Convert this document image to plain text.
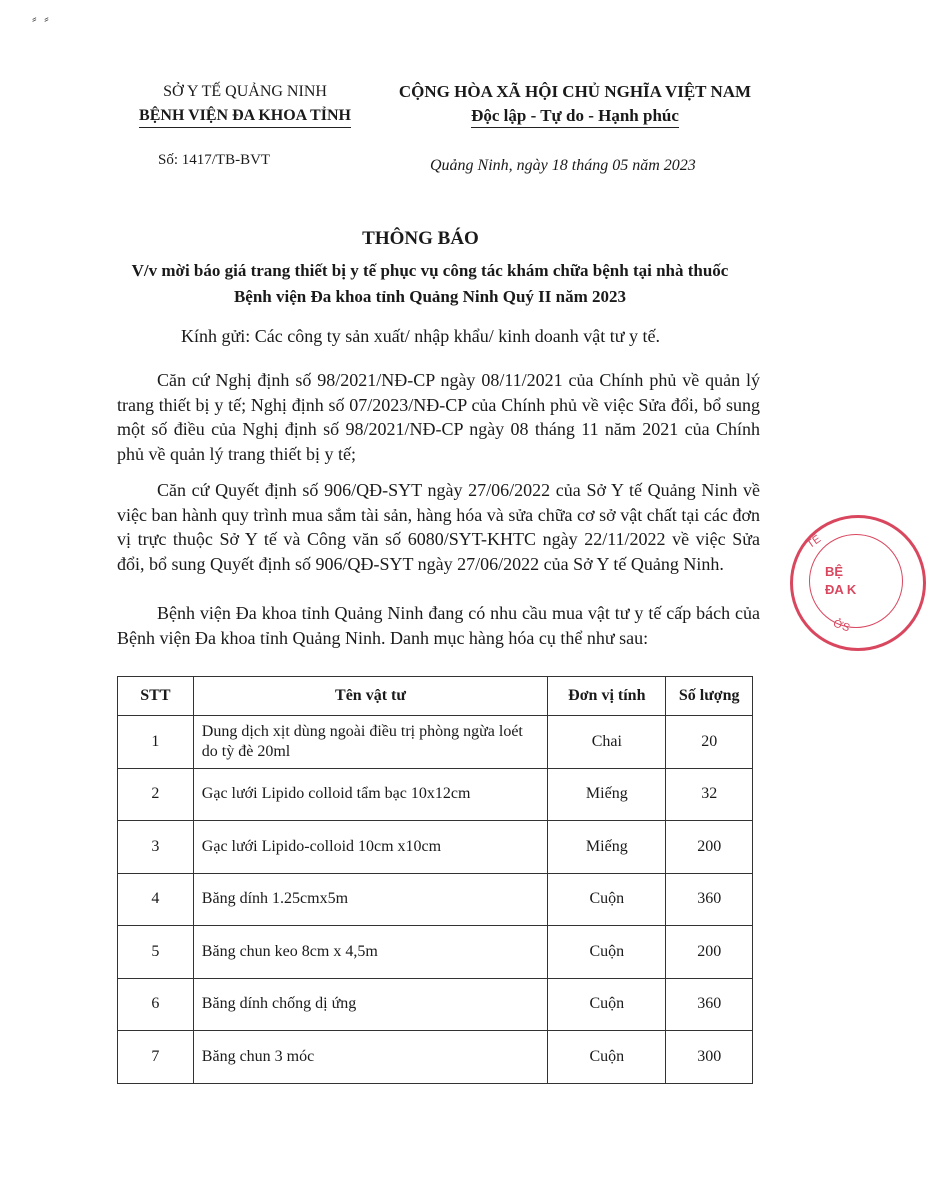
⸗ ⸗
SỞ Y TẾ QUẢNG NINH
BỆNH VIỆN ĐA KHOA TỈNH
CỘNG HÒA XÃ HỘI CHỦ NGHĨA VIỆT NAM
Độc lập - Tự do - Hạnh phúc
Số: 1417/TB-BVT	Quảng Ninh, ngày 18 tháng 05 năm 2023
THÔNG BÁO
V/v mời báo giá trang thiết bị y tế phục vụ công tác khám chữa bệnh tại nhà thuốc Bệnh viện Đa khoa tỉnh Quảng Ninh Quý II năm 2023
Kính gửi: Các công ty sản xuất/ nhập khẩu/ kinh doanh vật tư y tế.

Căn cứ Nghị định số 98/2021/NĐ-CP ngày 08/11/2021 của Chính phủ về quản lý trang thiết bị y tế; Nghị định số 07/2023/NĐ-CP của Chính phủ về việc Sửa đổi, bổ sung một số điều của Nghị định số 98/2021/NĐ-CP ngày 08 tháng 11 năm 2021 của Chính phủ về quản lý trang thiết bị y tế;

Căn cứ Quyết định số 906/QĐ-SYT ngày 27/06/2022 của Sở Y tế Quảng Ninh về việc ban hành quy trình mua sắm tài sản, hàng hóa và sửa chữa cơ sở vật chất tại các đơn vị trực thuộc Sở Y tế và Công văn số 6080/SYT-KHTC ngày 22/11/2022 về việc Sửa đổi, bổ sung Quyết định số 906/QĐ-SYT ngày 27/06/2022 của Sở Y tế Quảng Ninh.

Bệnh viện Đa khoa tỉnh Quảng Ninh đang có nhu cầu mua vật tư y tế cấp bách của Bệnh viện Đa khoa tỉnh Quảng Ninh. Danh mục hàng hóa cụ thể như sau:

STT	Tên vật tư	Đơn vị tính	Số lượng
1	Dung dịch xịt dùng ngoài điều trị phòng ngừa loét do tỳ đè 20ml	Chai	20
2	Gạc lưới Lipido colloid tẩm bạc 10x12cm	Miếng	32
3	Gạc lưới Lipido-colloid 10cm x10cm	Miếng	200
4	Băng dính 1.25cmx5m	Cuộn	360
5	Băng chun keo 8cm x 4,5m	Cuộn	200
6	Băng dính chống dị ứng	Cuộn	360
7	Băng chun 3 móc	Cuộn	300
TẾ
BỆ
ĐA K
ỞS
